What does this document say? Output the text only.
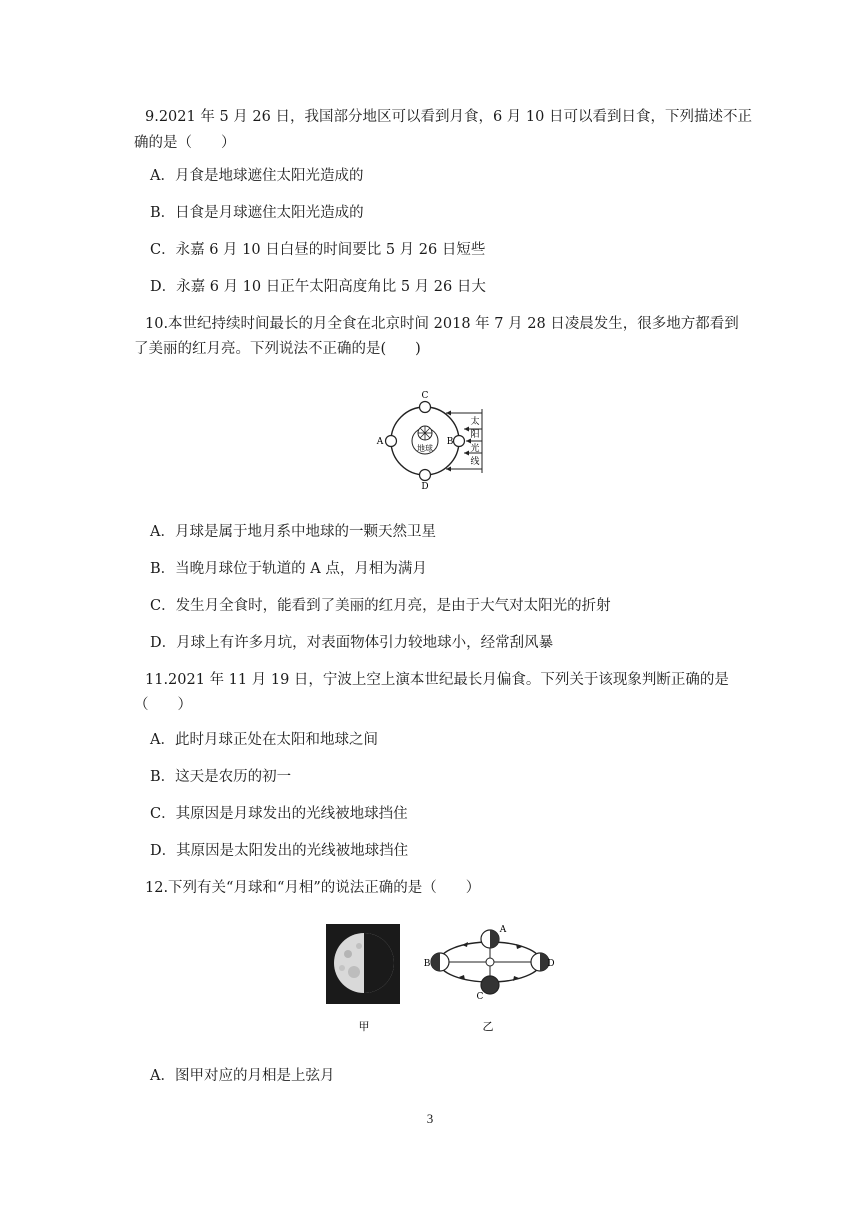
9.2021 年 5 月 26 日，我国部分地区可以看到月食，6 月 10 日可以看到日食，下列描述不正
确的是（　　）
A．月食是地球遮住太阳光造成的
B．日食是月球遮住太阳光造成的
C．永嘉 6 月 10 日白昼的时间要比 5 月 26 日短些
D．永嘉 6 月 10 日正午太阳高度角比 5 月 26 日大
10.本世纪持续时间最长的月全食在北京时间 2018 年 7 月 28 日凌晨发生，很多地方都看到
了美丽的红月亮。下列说法不正确的是(　　)
地球
C
D
A	B
太
阳
光
线
A．月球是属于地月系中地球的一颗天然卫星
B．当晚月球位于轨道的 A 点，月相为满月
C．发生月全食时，能看到了美丽的红月亮，是由于大气对太阳光的折射
D．月球上有许多月坑，对表面物体引力较地球小，经常刮风暴
11.2021 年 11 月 19 日，宁波上空上演本世纪最长月偏食。下列关于该现象判断正确的是
（　　）
A．此时月球正处在太阳和地球之间
B．这天是农历的初一
C．其原因是月球发出的光线被地球挡住
D．其原因是太阳发出的光线被地球挡住
12.下列有关“月球和“月相”的说法正确的是（　　）
甲
A
B
C
D
乙
A．图甲对应的月相是上弦月
3
